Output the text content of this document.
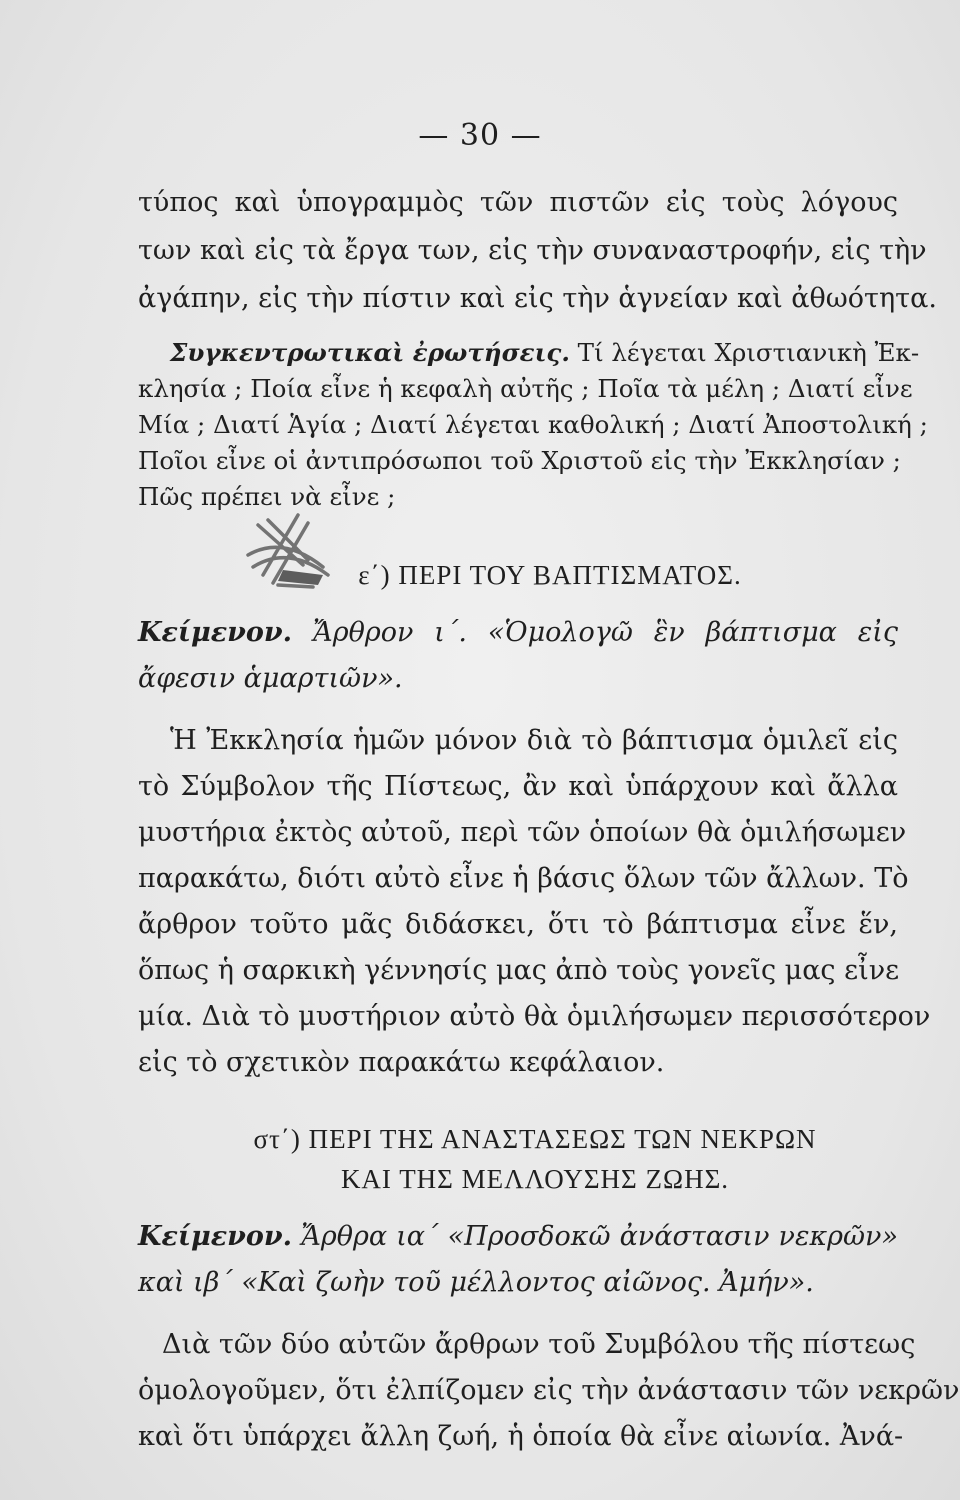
— 30 —
τύπος καὶ ὑπογραμμὸς τῶν πιστῶν εἰς τοὺς λόγους
των καὶ εἰς τὰ ἔργα των, εἰς τὴν συναναστροφήν, εἰς τὴν
ἀγάπην, εἰς τὴν πίστιν καὶ εἰς τὴν ἁγνείαν καὶ ἀθωότητα.
Συγκεντρωτικαὶ ἐρωτήσεις. Τί λέγεται Χριστιανικὴ Ἐκ-
κλησία ; Ποία εἶνε ἡ κεφαλὴ αὐτῆς ; Ποῖα τὰ μέλη ; Διατί εἶνε
Μία ; Διατί Ἁγία ; Διατί λέγεται καθολική ; Διατί Ἀποστολική ;
Ποῖοι εἶνε οἱ ἀντιπρόσωποι τοῦ Χριστοῦ εἰς τὴν Ἐκκλησίαν ;
Πῶς πρέπει νὰ εἶνε ;
ε΄) ΠΕΡΙ ΤΟΥ ΒΑΠΤΙΣΜΑΤΟΣ.
Κείμενον. Ἄρθρον ι΄. «Ὁμολογῶ ἓν βάπτισμα εἰς
ἄφεσιν ἁμαρτιῶν».
Ἡ Ἐκκλησία ἡμῶν μόνον διὰ τὸ βάπτισμα ὁμιλεῖ εἰς
τὸ Σύμβολον τῆς Πίστεως, ἂν καὶ ὑπάρχουν καὶ ἄλλα
μυστήρια ἐκτὸς αὐτοῦ, περὶ τῶν ὁποίων θὰ ὁμιλήσωμεν
παρακάτω, διότι αὐτὸ εἶνε ἡ βάσις ὅλων τῶν ἄλλων. Τὸ
ἄρθρον τοῦτο μᾶς διδάσκει, ὅτι τὸ βάπτισμα εἶνε ἕν,
ὅπως ἡ σαρκικὴ γέννησίς μας ἀπὸ τοὺς γονεῖς μας εἶνε
μία. Διὰ τὸ μυστήριον αὐτὸ θὰ ὁμιλήσωμεν περισσότερον
εἰς τὸ σχετικὸν παρακάτω κεφάλαιον.
στ΄) ΠΕΡΙ ΤΗΣ ΑΝΑΣΤΑΣΕΩΣ ΤΩΝ ΝΕΚΡΩΝ
ΚΑΙ ΤΗΣ ΜΕΛΛΟΥΣΗΣ ΖΩΗΣ.
Κείμενον. Ἄρθρα ια΄ «Προσδοκῶ ἀνάστασιν νεκρῶν»
καὶ ιβ΄ «Καὶ ζωὴν τοῦ μέλλοντος αἰῶνος. Ἀμήν».
Διὰ τῶν δύο αὐτῶν ἄρθρων τοῦ Συμβόλου τῆς πίστεως
ὁμολογοῦμεν, ὅτι ἐλπίζομεν εἰς τὴν ἀνάστασιν τῶν νεκρῶν
καὶ ὅτι ὑπάρχει ἄλλη ζωή, ἡ ὁποία θὰ εἶνε αἰωνία. Ἀνά-
